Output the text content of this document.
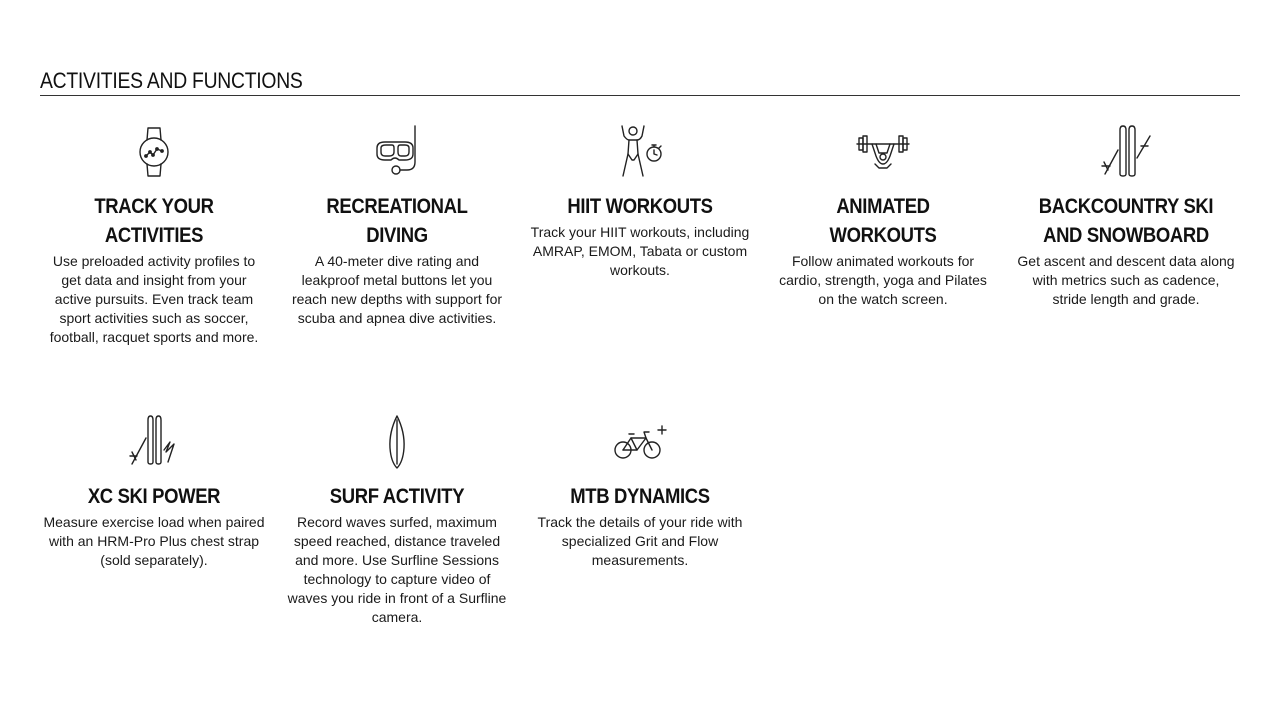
ACTIVITIES AND FUNCTIONS
TRACK YOUR ACTIVITIES

Use preloaded activity profiles to get data and insight from your active pursuits. Even track team sport activities such as soccer, football, racquet sports and more.

RECREATIONAL DIVING

A 40-meter dive rating and leakproof metal buttons let you reach new depths with support for scuba and apnea dive activities.

HIIT WORKOUTS

Track your HIIT workouts, including AMRAP, EMOM, Tabata or custom workouts.

ANIMATED WORKOUTS

Follow animated workouts for cardio, strength, yoga and Pilates on the watch screen.

BACKCOUNTRY SKI AND SNOWBOARD

Get ascent and descent data along with metrics such as cadence, stride length and grade.

XC SKI POWER

Measure exercise load when paired with an HRM-Pro Plus chest strap (sold separately).

SURF ACTIVITY

Record waves surfed, maximum speed reached, distance traveled and more. Use Surfline Sessions technology to capture video of waves you ride in front of a Surfline camera.

MTB DYNAMICS

Track the details of your ride with specialized Grit and Flow measurements.
